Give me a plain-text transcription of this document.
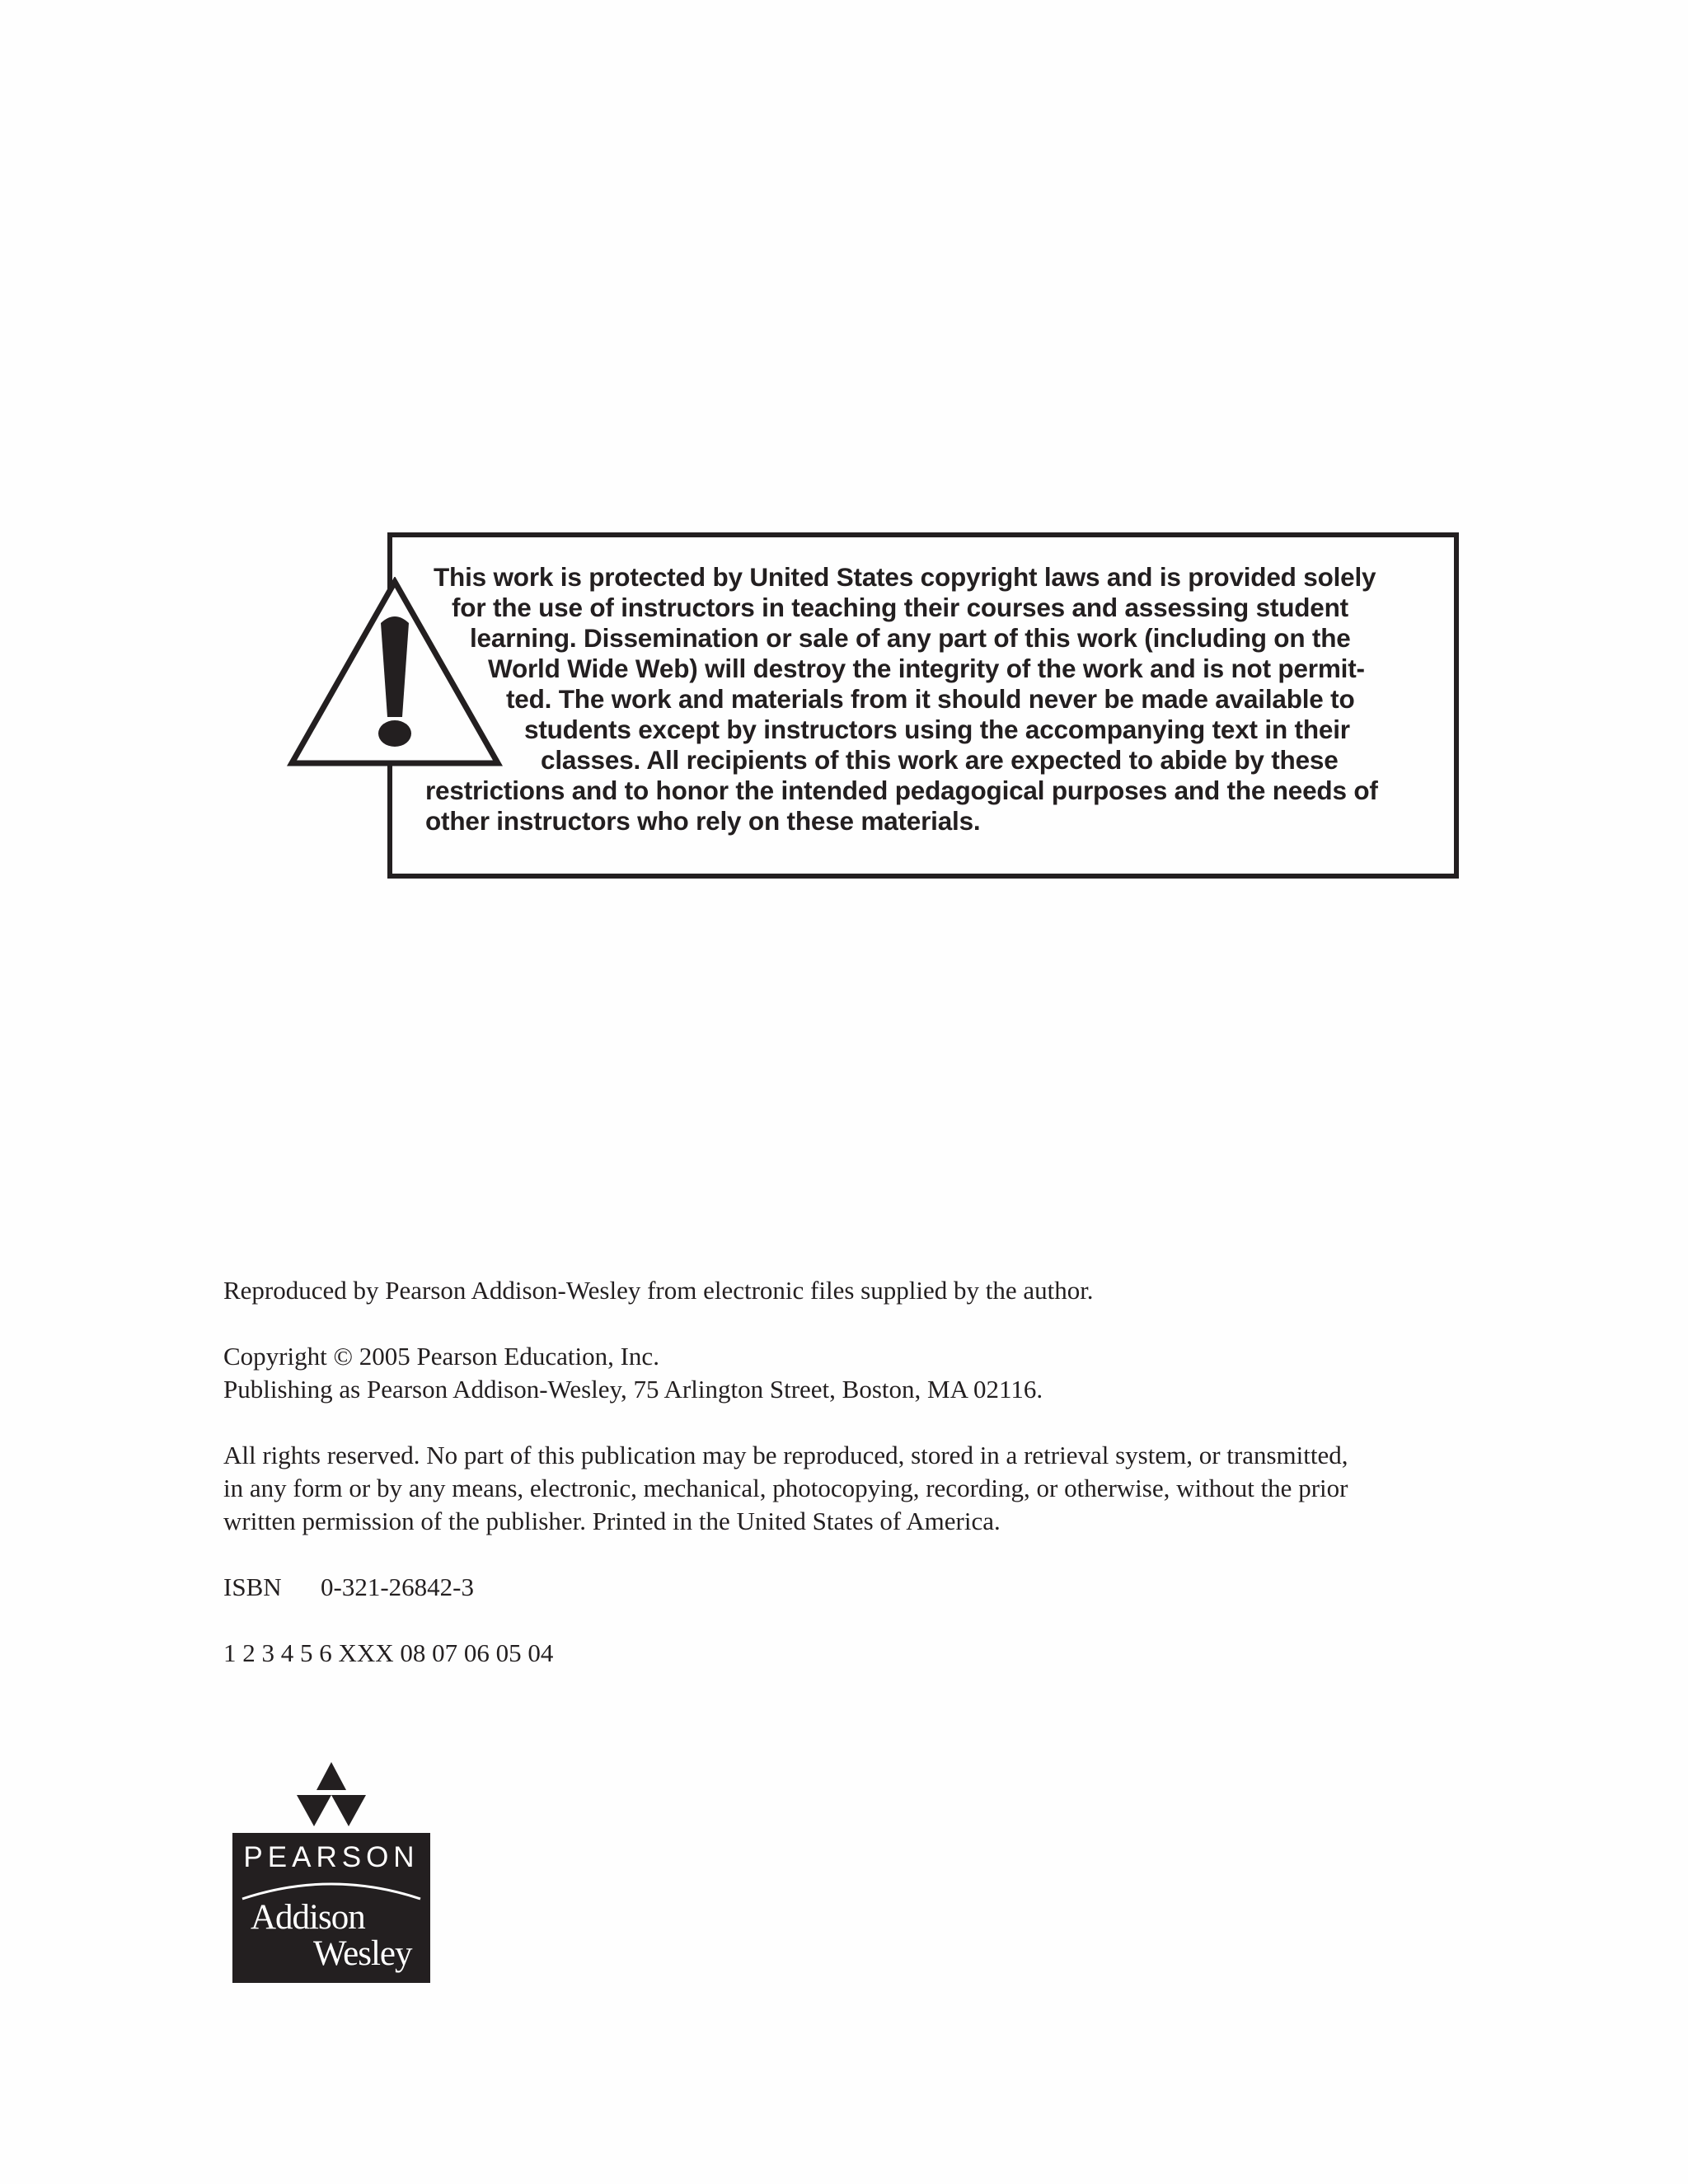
This work is protected by United States copyright laws and is provided solely
for the use of instructors in teaching their courses and assessing student
learning. Dissemination or sale of any part of this work (including on the
World Wide Web) will destroy the integrity of the work and is not permit-
ted. The work and materials from it should never be made available to
students except by instructors using the accompanying text in their
classes. All recipients of this work are expected to abide by these
restrictions and to honor the intended pedagogical purposes and the needs of
other instructors who rely on these materials.

Reproduced by Pearson Addison-Wesley from electronic files supplied by the author.

Copyright © 2005 Pearson Education, Inc.
Publishing as Pearson Addison-Wesley, 75 Arlington Street, Boston, MA 02116.

All rights reserved. No part of this publication may be reproduced, stored in a retrieval system, or transmitted,
in any form or by any means, electronic, mechanical, photocopying, recording, or otherwise, without the prior
written permission of the publisher. Printed in the United States of America.

ISBN 0-321-26842-3

1 2 3 4 5 6 XXX 08 07 06 05 04

PEARSON
Addison
Wesley
